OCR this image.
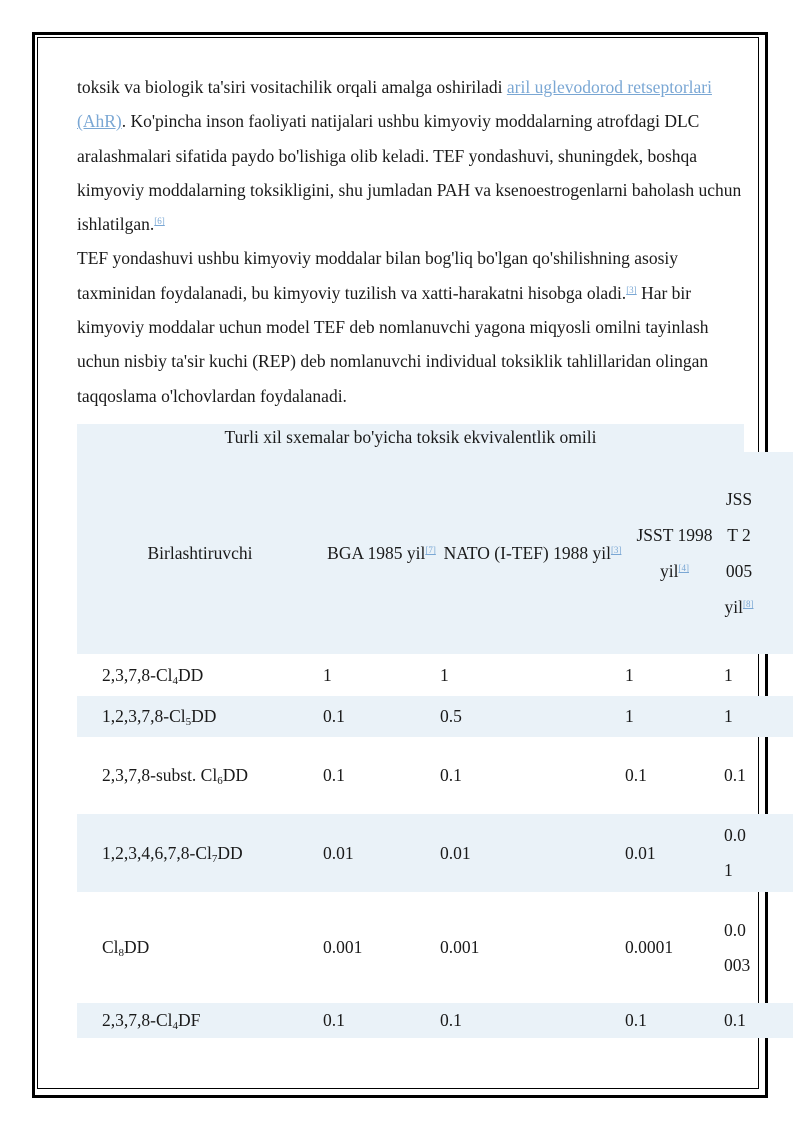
toksik va biologik ta'siri vositachilik orqali amalga oshiriladi aril uglevodorod retseptorlari (AhR). Ko'pincha inson faoliyati natijalari ushbu kimyoviy moddalarning atrofdagi DLC aralashmalari sifatida paydo bo'lishiga olib keladi. TEF yondashuvi, shuningdek, boshqa kimyoviy moddalarning toksikligini, shu jumladan PAH va ksenoestrogenlarni baholash uchun ishlatilgan.[6]

TEF yondashuvi ushbu kimyoviy moddalar bilan bog'liq bo'lgan qo'shilishning asosiy taxminidan foydalanadi, bu kimyoviy tuzilish va xatti-harakatni hisobga oladi.[3] Har bir kimyoviy moddalar uchun model TEF deb nomlanuvchi yagona miqyosli omilni tayinlash uchun nisbiy ta'sir kuchi (REP) deb nomlanuvchi individual toksiklik tahlillaridan olingan taqqoslama o'lchovlardan foydalanadi.

Turli xil sxemalar bo'yicha toksik ekvivalentlik omili
Birlashtiruvchi	BGA 1985 yil[7]	NATO (I-TEF) 1988 yil[3]	JSST 1998 yil[4]	JSST 2005 yil[8]

$2,3,7,8-Cl_4DD$	1	1	1	1

$1,2,3,7,8-Cl_5DD$	0.1	0.5	1	1

2,3,7,8-subst. $Cl_6DD$	0.1	0.1	0.1	0.1

$1,2,3,4,6,7,8-Cl_7DD$	0.01	0.01	0.01	0.01

$Cl_8DD$	0.001	0.001	0.0001	0.0003

$2,3,7,8-Cl_4DF$	0.1	0.1	0.1	0.1
